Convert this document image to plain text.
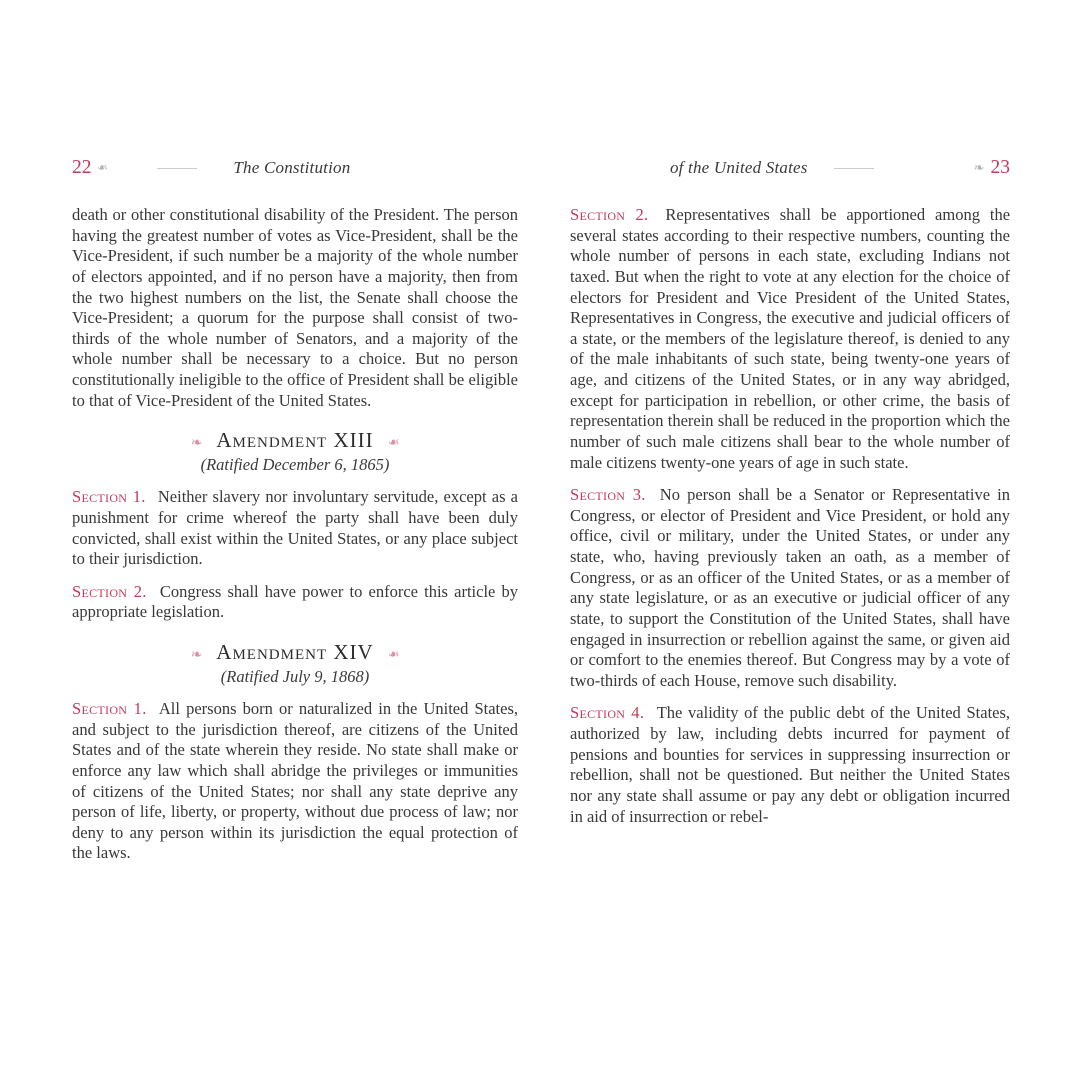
22 ❧	The Constitution

death or other constitutional disability of the President. The person having the greatest number of votes as Vice-President, shall be the Vice-President, if such number be a majority of the whole number of electors appointed, and if no person have a majority, then from the two highest numbers on the list, the Senate shall choose the Vice-President; a quorum for the purpose shall consist of two-thirds of the whole number of Senators, and a majority of the whole number shall be necessary to a choice. But no person constitutionally ineligible to the office of President shall be eligible to that of Vice-President of the United States.

❧ Amendment XIII ❧

(Ratified December 6, 1865)

Section 1. Neither slavery nor involuntary servitude, except as a punishment for crime whereof the party shall have been duly convicted, shall exist within the United States, or any place subject to their jurisdiction.

Section 2. Congress shall have power to enforce this article by appropriate legislation.

❧ Amendment XIV ❧

(Ratified July 9, 1868)

Section 1. All persons born or naturalized in the United States, and subject to the jurisdiction thereof, are citizens of the United States and of the state wherein they reside. No state shall make or enforce any law which shall abridge the privileges or immunities of citizens of the United States; nor shall any state deprive any person of life, liberty, or property, without due process of law; nor deny to any person within its jurisdiction the equal protection of the laws.

of the United States	❧ 23

Section 2. Representatives shall be apportioned among the several states according to their respective numbers, counting the whole number of persons in each state, excluding Indians not taxed. But when the right to vote at any election for the choice of electors for President and Vice President of the United States, Representatives in Congress, the executive and judicial officers of a state, or the members of the legislature thereof, is denied to any of the male inhabitants of such state, being twenty-one years of age, and citizens of the United States, or in any way abridged, except for participation in rebellion, or other crime, the basis of representation therein shall be reduced in the proportion which the number of such male citizens shall bear to the whole number of male citizens twenty-one years of age in such state.

Section 3. No person shall be a Senator or Representative in Congress, or elector of President and Vice President, or hold any office, civil or military, under the United States, or under any state, who, having previously taken an oath, as a member of Congress, or as an officer of the United States, or as a member of any state legislature, or as an executive or judicial officer of any state, to support the Constitution of the United States, shall have engaged in insurrection or rebellion against the same, or given aid or comfort to the enemies thereof. But Congress may by a vote of two-thirds of each House, remove such disability.

Section 4. The validity of the public debt of the United States, authorized by law, including debts incurred for payment of pensions and bounties for services in suppressing insurrection or rebellion, shall not be questioned. But neither the United States nor any state shall assume or pay any debt or obligation incurred in aid of insurrection or rebel-
